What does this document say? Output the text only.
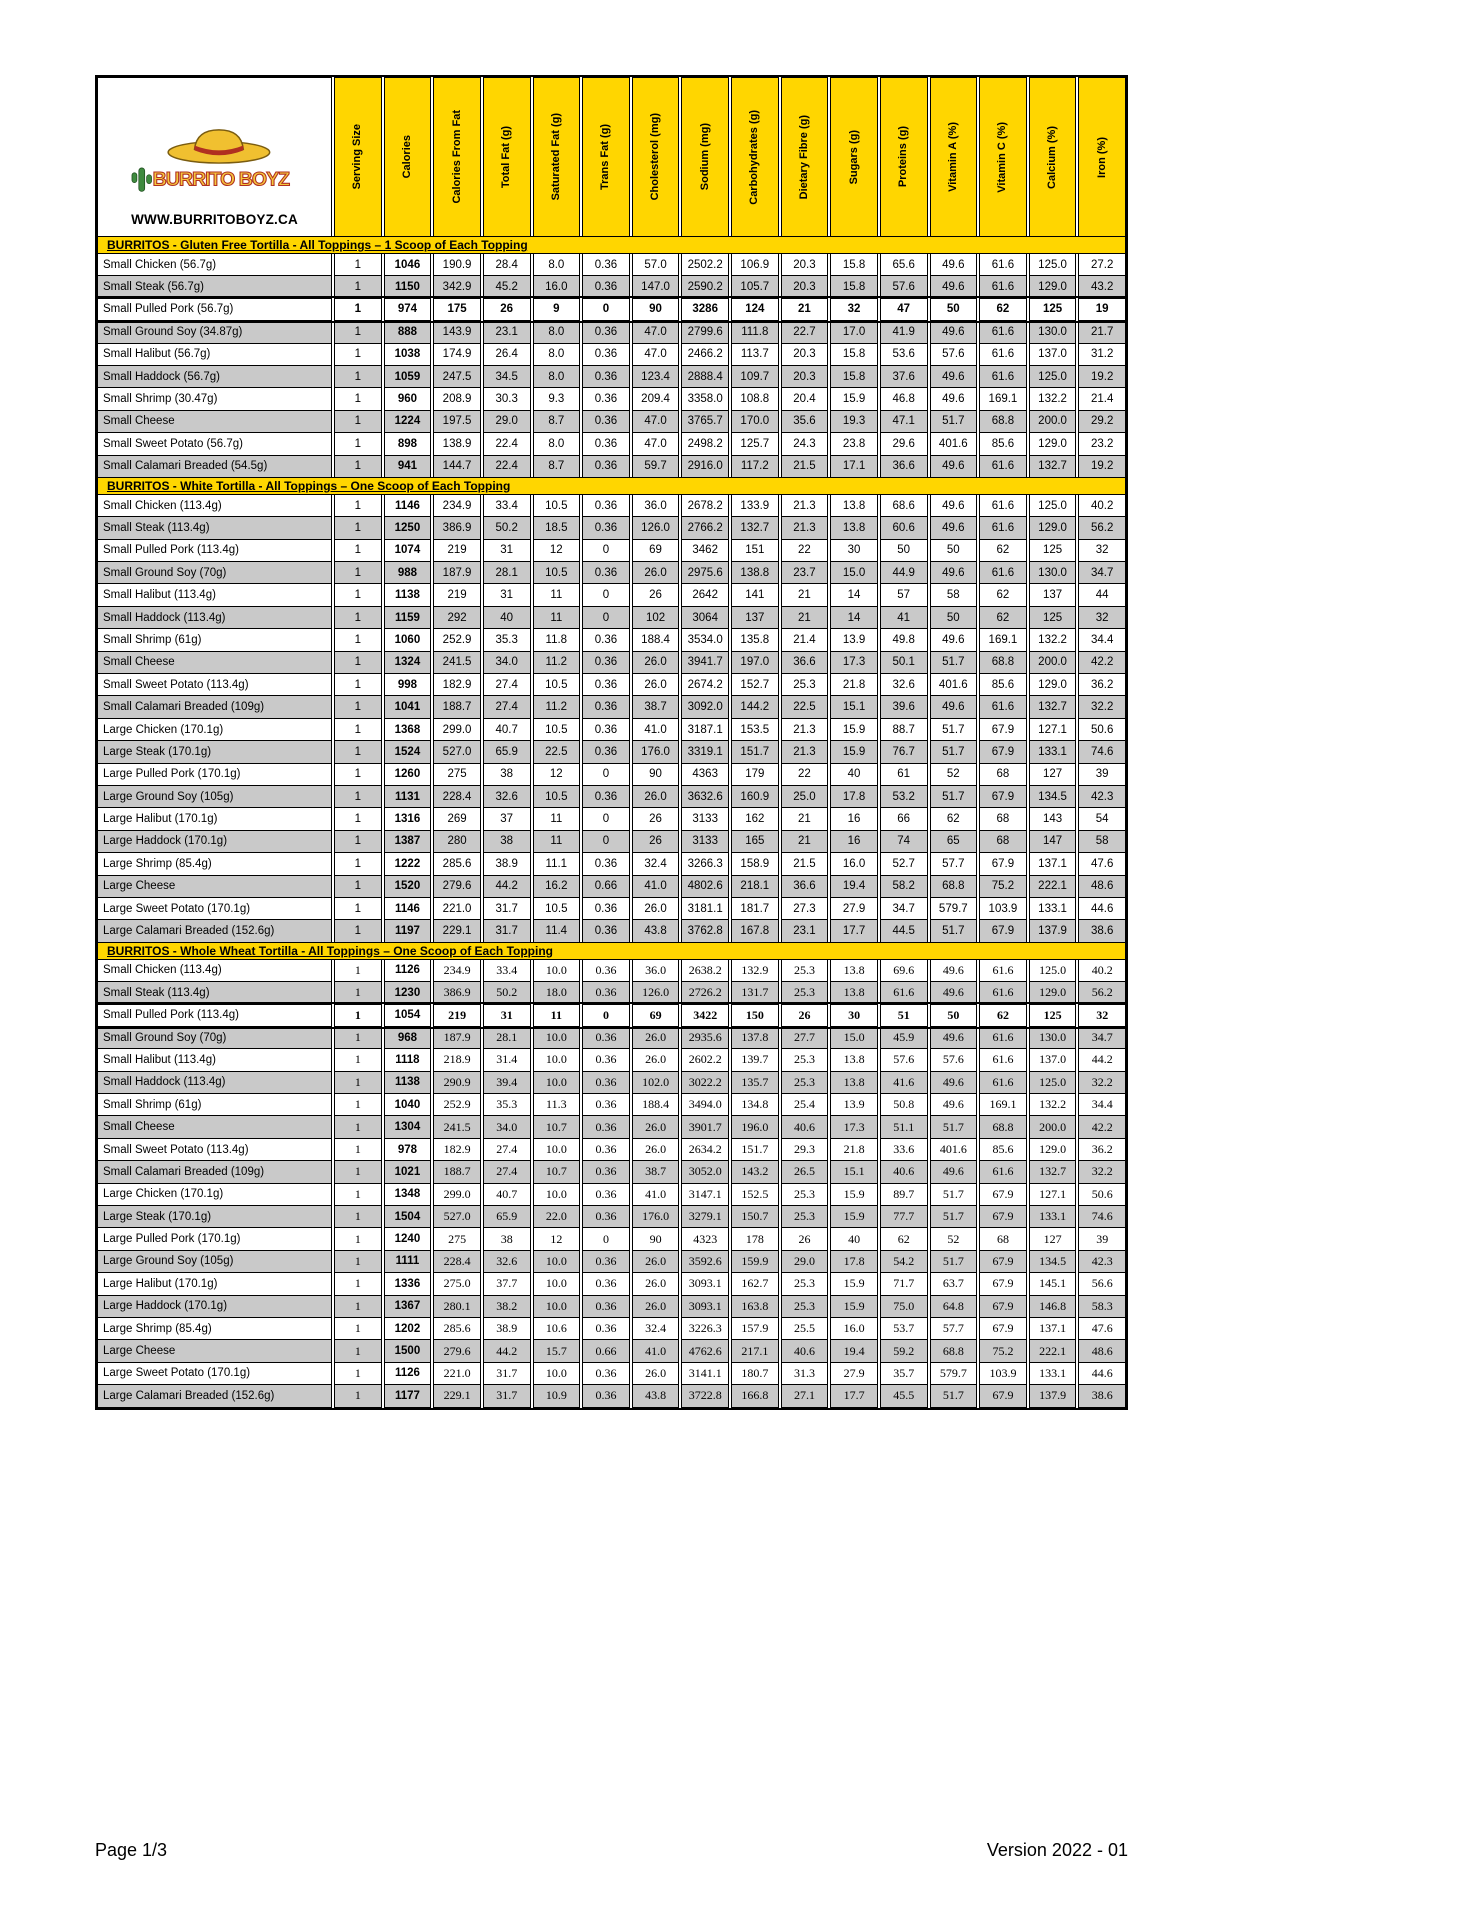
BURRITO BOYZ
WWW.BURRITOBOYZ.CA
Serving Size	Calories	Calories From Fat	Total Fat (g)	Saturated Fat (g)	Trans Fat (g)	Cholesterol (mg)	Sodium (mg)	Carbohydrates (g)	Dietary Fibre (g)	Sugars (g)	Proteins (g)	Vitamin A (%)	Vitamin C (%)	Calcium (%)	Iron (%)
BURRITOS - Gluten Free Tortilla - All Toppings – 1 Scoop of Each Topping
Small Chicken (56.7g)	1	1046	190.9	28.4	8.0	0.36	57.0	2502.2	106.9	20.3	15.8	65.6	49.6	61.6	125.0	27.2
Small Steak (56.7g)	1	1150	342.9	45.2	16.0	0.36	147.0	2590.2	105.7	20.3	15.8	57.6	49.6	61.6	129.0	43.2
Small Pulled Pork (56.7g)	1	974	175	26	9	0	90	3286	124	21	32	47	50	62	125	19
Small Ground Soy (34.87g)	1	888	143.9	23.1	8.0	0.36	47.0	2799.6	111.8	22.7	17.0	41.9	49.6	61.6	130.0	21.7
Small Halibut (56.7g)	1	1038	174.9	26.4	8.0	0.36	47.0	2466.2	113.7	20.3	15.8	53.6	57.6	61.6	137.0	31.2
Small Haddock (56.7g)	1	1059	247.5	34.5	8.0	0.36	123.4	2888.4	109.7	20.3	15.8	37.6	49.6	61.6	125.0	19.2
Small Shrimp (30.47g)	1	960	208.9	30.3	9.3	0.36	209.4	3358.0	108.8	20.4	15.9	46.8	49.6	169.1	132.2	21.4
Small Cheese	1	1224	197.5	29.0	8.7	0.36	47.0	3765.7	170.0	35.6	19.3	47.1	51.7	68.8	200.0	29.2
Small Sweet Potato (56.7g)	1	898	138.9	22.4	8.0	0.36	47.0	2498.2	125.7	24.3	23.8	29.6	401.6	85.6	129.0	23.2
Small Calamari Breaded (54.5g)	1	941	144.7	22.4	8.7	0.36	59.7	2916.0	117.2	21.5	17.1	36.6	49.6	61.6	132.7	19.2
BURRITOS - White Tortilla - All Toppings – One Scoop of Each Topping
Small Chicken (113.4g)	1	1146	234.9	33.4	10.5	0.36	36.0	2678.2	133.9	21.3	13.8	68.6	49.6	61.6	125.0	40.2
Small Steak (113.4g)	1	1250	386.9	50.2	18.5	0.36	126.0	2766.2	132.7	21.3	13.8	60.6	49.6	61.6	129.0	56.2
Small Pulled Pork (113.4g)	1	1074	219	31	12	0	69	3462	151	22	30	50	50	62	125	32
Small Ground Soy (70g)	1	988	187.9	28.1	10.5	0.36	26.0	2975.6	138.8	23.7	15.0	44.9	49.6	61.6	130.0	34.7
Small Halibut (113.4g)	1	1138	219	31	11	0	26	2642	141	21	14	57	58	62	137	44
Small Haddock (113.4g)	1	1159	292	40	11	0	102	3064	137	21	14	41	50	62	125	32
Small Shrimp (61g)	1	1060	252.9	35.3	11.8	0.36	188.4	3534.0	135.8	21.4	13.9	49.8	49.6	169.1	132.2	34.4
Small Cheese	1	1324	241.5	34.0	11.2	0.36	26.0	3941.7	197.0	36.6	17.3	50.1	51.7	68.8	200.0	42.2
Small Sweet Potato (113.4g)	1	998	182.9	27.4	10.5	0.36	26.0	2674.2	152.7	25.3	21.8	32.6	401.6	85.6	129.0	36.2
Small Calamari Breaded (109g)	1	1041	188.7	27.4	11.2	0.36	38.7	3092.0	144.2	22.5	15.1	39.6	49.6	61.6	132.7	32.2
Large Chicken (170.1g)	1	1368	299.0	40.7	10.5	0.36	41.0	3187.1	153.5	21.3	15.9	88.7	51.7	67.9	127.1	50.6
Large Steak (170.1g)	1	1524	527.0	65.9	22.5	0.36	176.0	3319.1	151.7	21.3	15.9	76.7	51.7	67.9	133.1	74.6
Large Pulled Pork (170.1g)	1	1260	275	38	12	0	90	4363	179	22	40	61	52	68	127	39
Large Ground Soy (105g)	1	1131	228.4	32.6	10.5	0.36	26.0	3632.6	160.9	25.0	17.8	53.2	51.7	67.9	134.5	42.3
Large Halibut (170.1g)	1	1316	269	37	11	0	26	3133	162	21	16	66	62	68	143	54
Large Haddock (170.1g)	1	1387	280	38	11	0	26	3133	165	21	16	74	65	68	147	58
Large Shrimp (85.4g)	1	1222	285.6	38.9	11.1	0.36	32.4	3266.3	158.9	21.5	16.0	52.7	57.7	67.9	137.1	47.6
Large Cheese	1	1520	279.6	44.2	16.2	0.66	41.0	4802.6	218.1	36.6	19.4	58.2	68.8	75.2	222.1	48.6
Large Sweet Potato (170.1g)	1	1146	221.0	31.7	10.5	0.36	26.0	3181.1	181.7	27.3	27.9	34.7	579.7	103.9	133.1	44.6
Large Calamari Breaded (152.6g)	1	1197	229.1	31.7	11.4	0.36	43.8	3762.8	167.8	23.1	17.7	44.5	51.7	67.9	137.9	38.6
BURRITOS - Whole Wheat Tortilla - All Toppings – One Scoop of Each Topping
Small Chicken (113.4g)	1	1126	234.9	33.4	10.0	0.36	36.0	2638.2	132.9	25.3	13.8	69.6	49.6	61.6	125.0	40.2
Small Steak (113.4g)	1	1230	386.9	50.2	18.0	0.36	126.0	2726.2	131.7	25.3	13.8	61.6	49.6	61.6	129.0	56.2
Small Pulled Pork (113.4g)	1	1054	219	31	11	0	69	3422	150	26	30	51	50	62	125	32
Small Ground Soy (70g)	1	968	187.9	28.1	10.0	0.36	26.0	2935.6	137.8	27.7	15.0	45.9	49.6	61.6	130.0	34.7
Small Halibut (113.4g)	1	1118	218.9	31.4	10.0	0.36	26.0	2602.2	139.7	25.3	13.8	57.6	57.6	61.6	137.0	44.2
Small Haddock (113.4g)	1	1138	290.9	39.4	10.0	0.36	102.0	3022.2	135.7	25.3	13.8	41.6	49.6	61.6	125.0	32.2
Small Shrimp (61g)	1	1040	252.9	35.3	11.3	0.36	188.4	3494.0	134.8	25.4	13.9	50.8	49.6	169.1	132.2	34.4
Small Cheese	1	1304	241.5	34.0	10.7	0.36	26.0	3901.7	196.0	40.6	17.3	51.1	51.7	68.8	200.0	42.2
Small Sweet Potato (113.4g)	1	978	182.9	27.4	10.0	0.36	26.0	2634.2	151.7	29.3	21.8	33.6	401.6	85.6	129.0	36.2
Small Calamari Breaded (109g)	1	1021	188.7	27.4	10.7	0.36	38.7	3052.0	143.2	26.5	15.1	40.6	49.6	61.6	132.7	32.2
Large Chicken (170.1g)	1	1348	299.0	40.7	10.0	0.36	41.0	3147.1	152.5	25.3	15.9	89.7	51.7	67.9	127.1	50.6
Large Steak (170.1g)	1	1504	527.0	65.9	22.0	0.36	176.0	3279.1	150.7	25.3	15.9	77.7	51.7	67.9	133.1	74.6
Large Pulled Pork (170.1g)	1	1240	275	38	12	0	90	4323	178	26	40	62	52	68	127	39
Large Ground Soy (105g)	1	1111	228.4	32.6	10.0	0.36	26.0	3592.6	159.9	29.0	17.8	54.2	51.7	67.9	134.5	42.3
Large Halibut (170.1g)	1	1336	275.0	37.7	10.0	0.36	26.0	3093.1	162.7	25.3	15.9	71.7	63.7	67.9	145.1	56.6
Large Haddock (170.1g)	1	1367	280.1	38.2	10.0	0.36	26.0	3093.1	163.8	25.3	15.9	75.0	64.8	67.9	146.8	58.3
Large Shrimp (85.4g)	1	1202	285.6	38.9	10.6	0.36	32.4	3226.3	157.9	25.5	16.0	53.7	57.7	67.9	137.1	47.6
Large Cheese	1	1500	279.6	44.2	15.7	0.66	41.0	4762.6	217.1	40.6	19.4	59.2	68.8	75.2	222.1	48.6
Large Sweet Potato (170.1g)	1	1126	221.0	31.7	10.0	0.36	26.0	3141.1	180.7	31.3	27.9	35.7	579.7	103.9	133.1	44.6
Large Calamari Breaded (152.6g)	1	1177	229.1	31.7	10.9	0.36	43.8	3722.8	166.8	27.1	17.7	45.5	51.7	67.9	137.9	38.6
Page 1/3	Version 2022 - 01
